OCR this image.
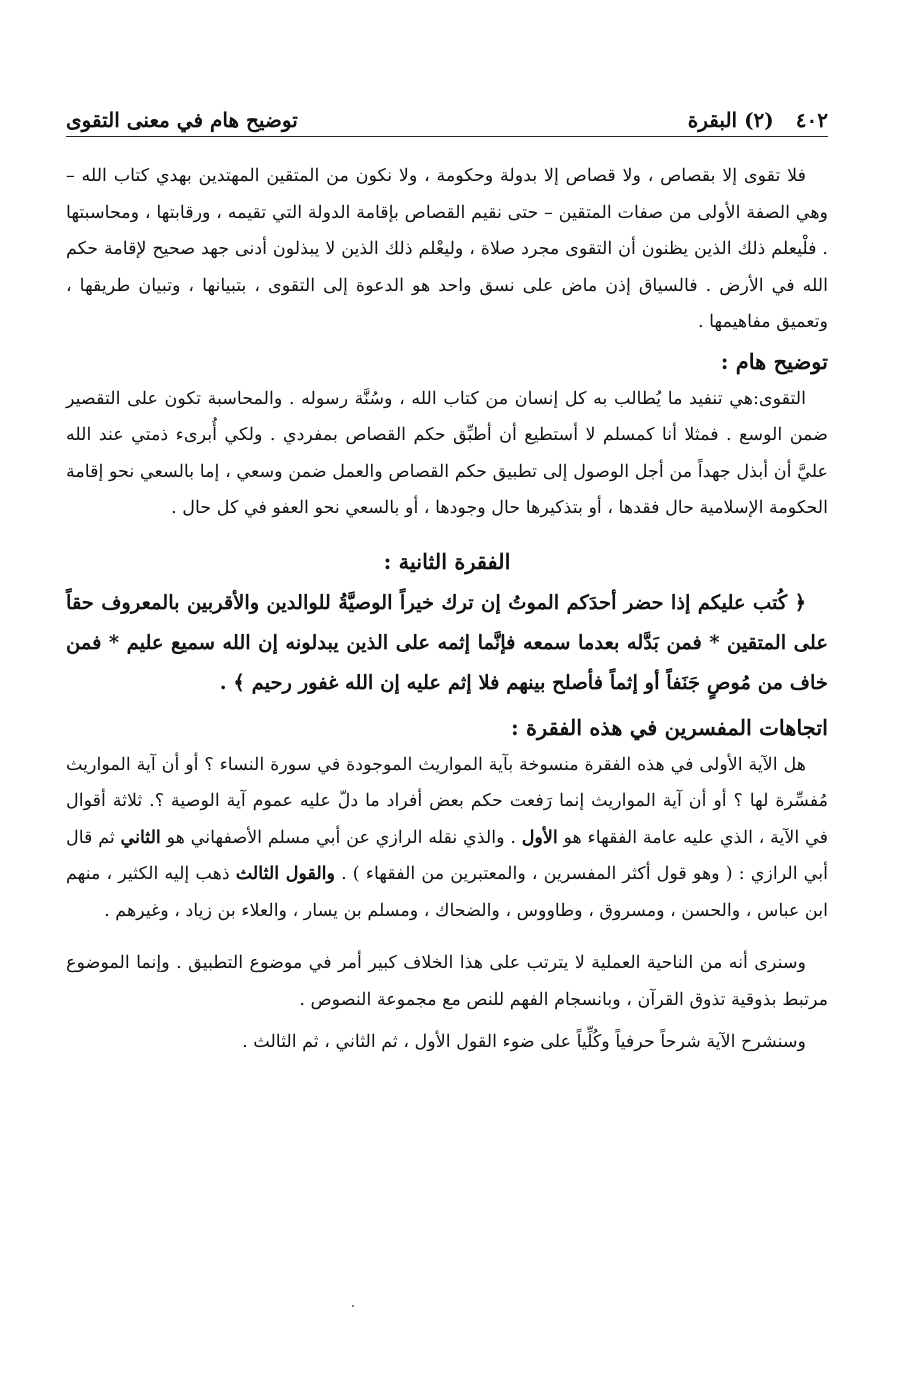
٤٠٢
(٢) البقرة
توضيح هام في معنى التقوى

فلا تقوى إلا بقصاص ، ولا قصاص إلا بدولة وحكومة ، ولا نكون من المتقين المهتدين بهدي كتاب الله – وهي الصفة الأولى من صفات المتقين – حتى نقيم القصاص بإقامة الدولة التي تقيمه ، ورقابتها ، ومحاسبتها . فلْيعلم ذلك الذين يظنون أن التقوى مجرد صلاة ، وليعْلم ذلك الذين لا يبذلون أدنى جهد صحيح لإقامة حكم الله في الأرض . فالسياق إذن ماض على نسق واحد هو الدعوة إلى التقوى ، بتبيانها ، وتبيان طريقها ، وتعميق مفاهيمها .

توضيح هام :

التقوى:هي تنفيد ما يُطالب به كل إنسان من كتاب الله ، وسُنَّة رسوله . والمحاسبة تكون على التقصير ضمن الوسع . فمثلا أنا كمسلم لا أستطيع أن أطبِّق حكم القصاص بمفردي . ولكي أُبرىء ذمتي عند الله عليَّ أن أبذل جهداً من أجل الوصول إلى تطبيق حكم القصاص والعمل ضمن وسعي ، إما بالسعي نحو إقامة الحكومة الإسلامية حال فقدها ، أو بتذكيرها حال وجودها ، أو بالسعي نحو العفو في كل حال .

الفقرة الثانية :

﴿ كُتب عليكم إذا حضر أحدَكم الموتُ إن ترك خيراً الوصيَّةُ للوالدين والأقربين بالمعروف حقاً على المتقين * فمن بَدَّله بعدما سمعه فإنَّما إثمه على الذين يبدلونه إن الله سميع عليم * فمن خاف من مُوصٍ جَنَفاً أو إثماً فأصلح بينهم فلا إثم عليه إن الله غفور رحيم ﴾ .

اتجاهات المفسرين في هذه الفقرة :

هل الآية الأولى في هذه الفقرة منسوخة بآية المواريث الموجودة في سورة النساء ؟ أو أن آية المواريث مُفسِّرة لها ؟ أو أن آية المواريث إنما رَفعت حكم بعض أفراد ما دلّ عليه عموم آية الوصية ؟. ثلاثة أقوال في الآية ، الذي عليه عامة الفقهاء هو الأول . والذي نقله الرازي عن أبي مسلم الأصفهاني هو الثاني ثم قال أبي الرازي : ( وهو قول أكثر المفسرين ، والمعتبرين من الفقهاء ) . والقول الثالث ذهب إليه الكثير ، منهم ابن عباس ، والحسن ، ومسروق ، وطاووس ، والضحاك ، ومسلم بن يسار ، والعلاء بن زياد ، وغيرهم .

وسنرى أنه من الناحية العملية لا يترتب على هذا الخلاف كبير أمر في موضوع التطبيق . وإنما الموضوع مرتبط بذوقية تذوق القرآن ، وبانسجام الفهم للنص مع مجموعة النصوص .

وسنشرح الآية شرحاً حرفياً وكُلِّياً على ضوء القول الأول ، ثم الثاني ، ثم الثالث .
